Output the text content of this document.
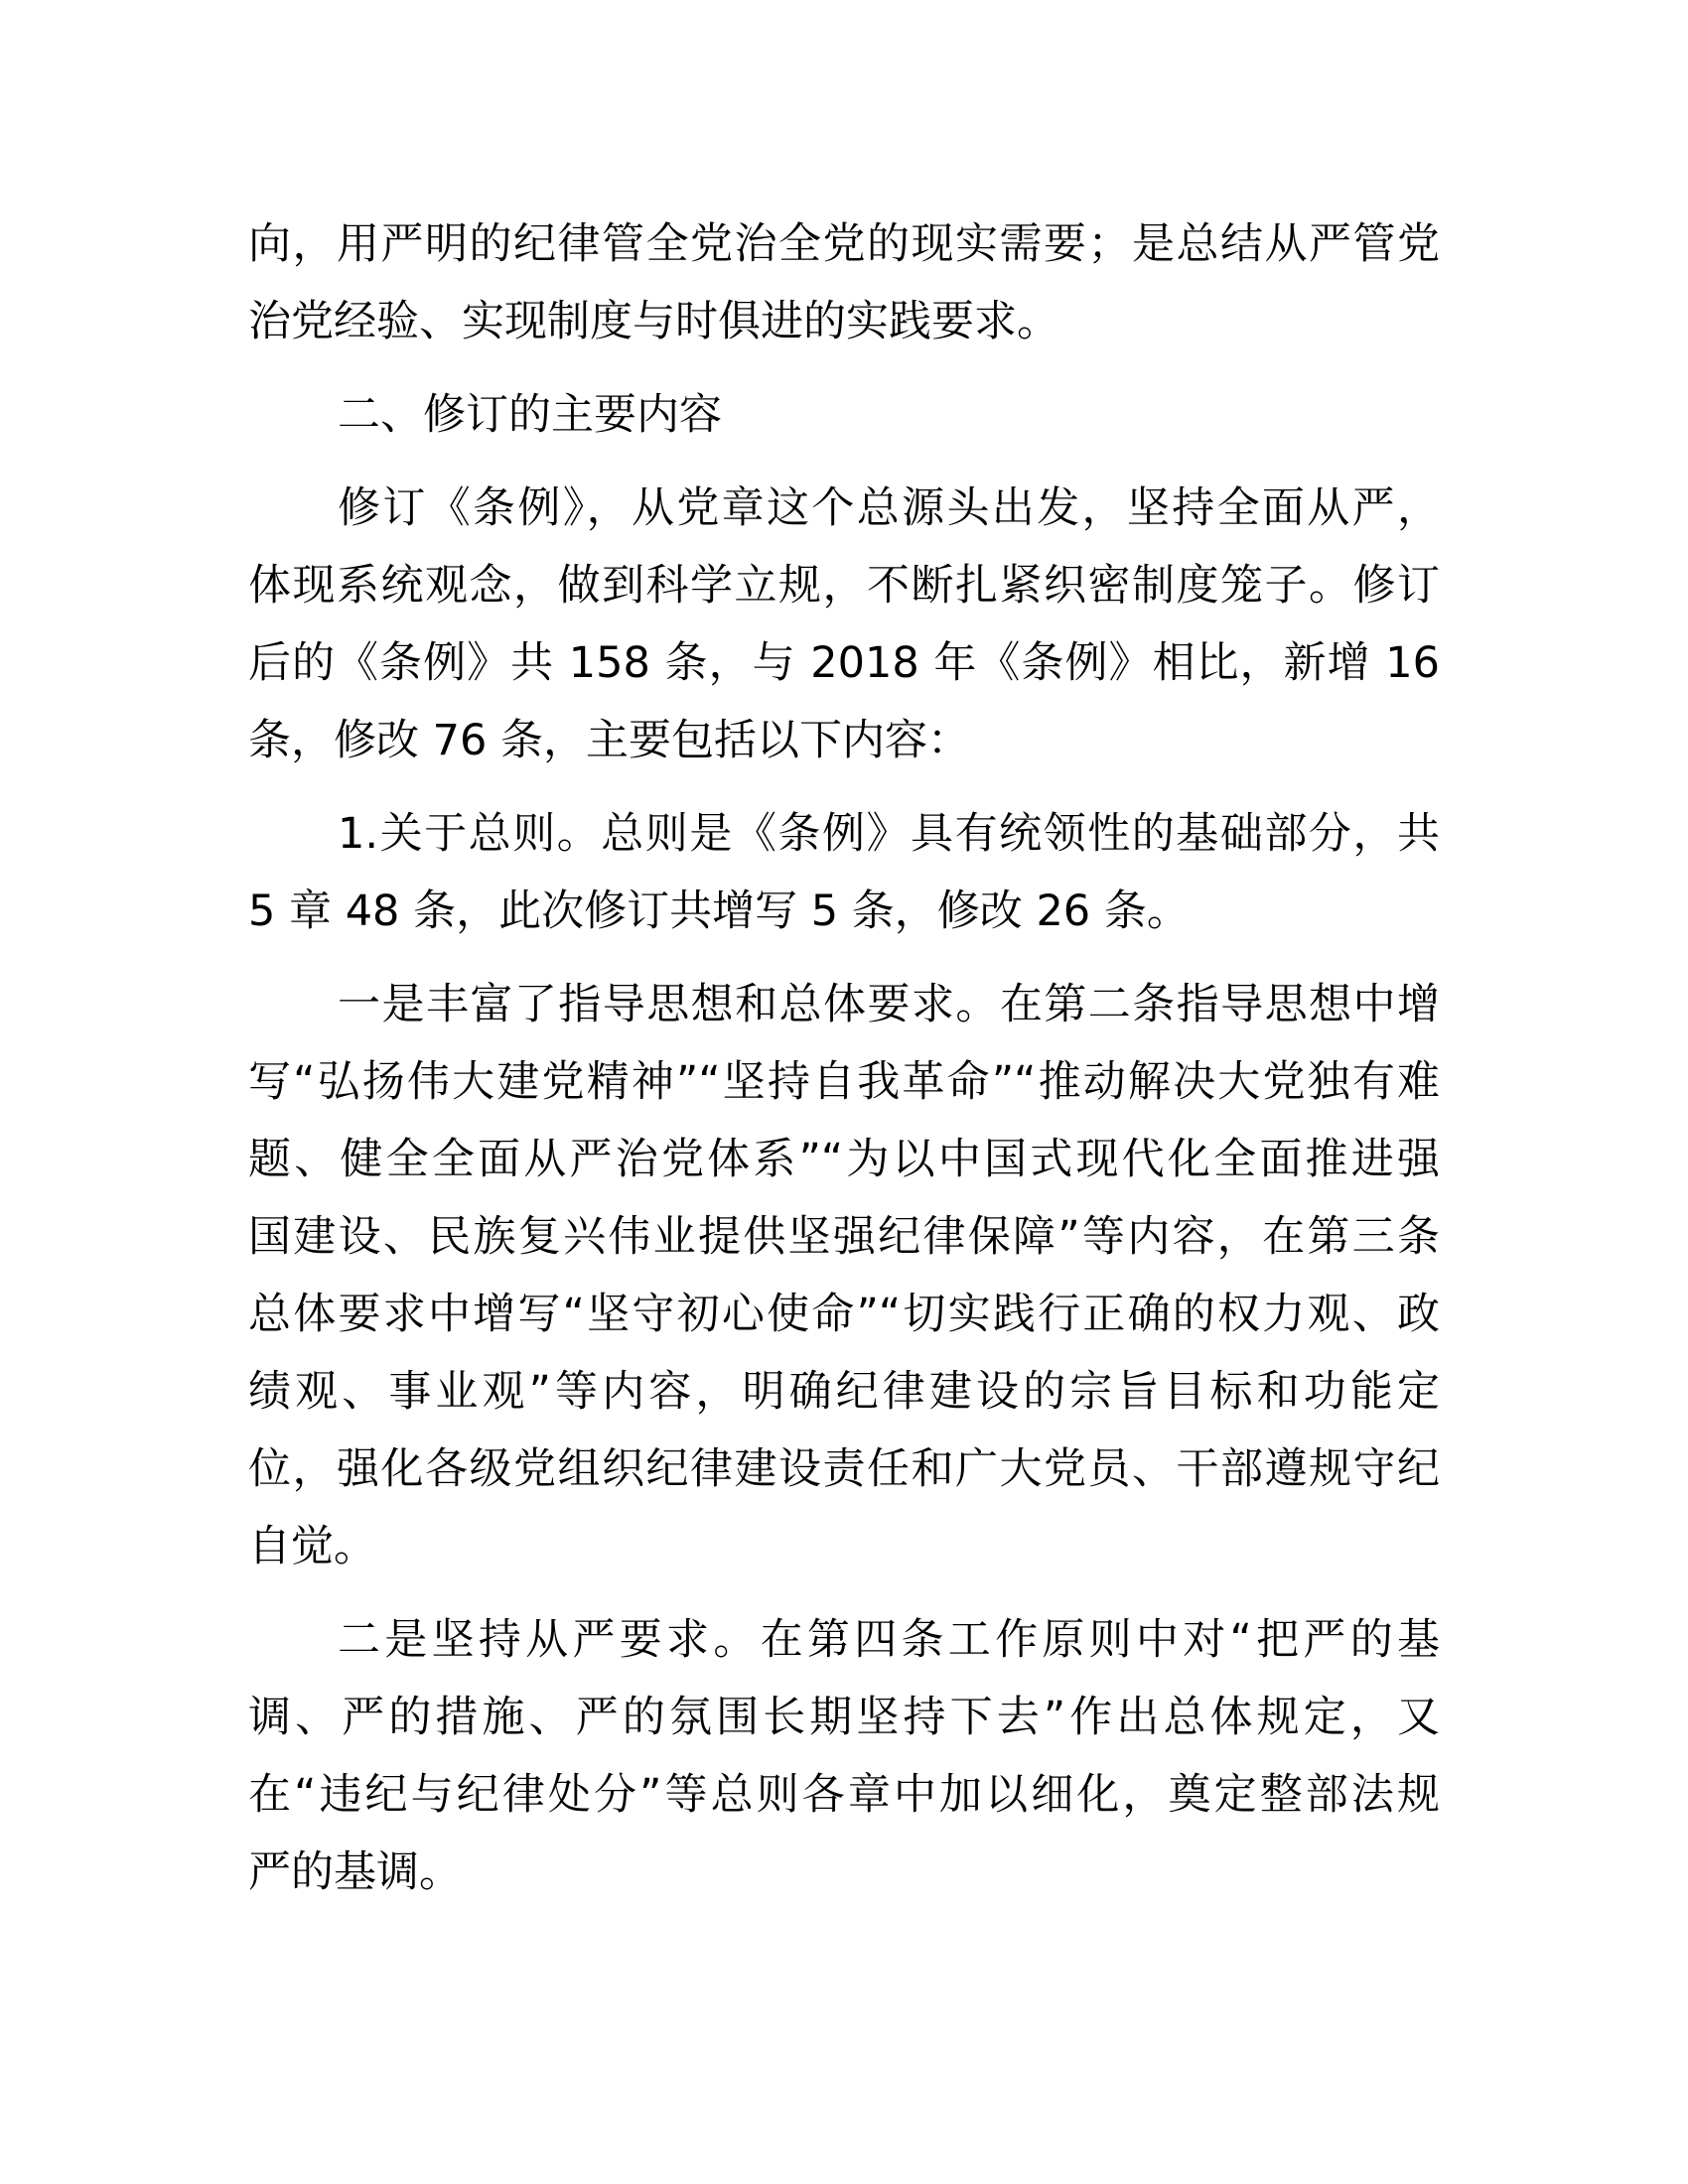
向，用严明的纪律管全党治全党的现实需要；是总结从严管党
治党经验、实现制度与时俱进的实践要求。

二、修订的主要内容

修订《条例》，从党章这个总源头出发，坚持全面从严，
体现系统观念，做到科学立规，不断扎紧织密制度笼子。修订
后的《条例》共 158 条，与 2018 年《条例》相比，新增 16
条，修改 76 条，主要包括以下内容：

1.关于总则。总则是《条例》具有统领性的基础部分，共
5 章 48 条，此次修订共增写 5 条，修改 26 条。

一是丰富了指导思想和总体要求。在第二条指导思想中增
写“弘扬伟大建党精神”“坚持自我革命”“推动解决大党独有难
题、健全全面从严治党体系”“为以中国式现代化全面推进强
国建设、民族复兴伟业提供坚强纪律保障”等内容，在第三条
总体要求中增写“坚守初心使命”“切实践行正确的权力观、政
绩观、事业观”等内容，明确纪律建设的宗旨目标和功能定
位，强化各级党组织纪律建设责任和广大党员、干部遵规守纪
自觉。

二是坚持从严要求。在第四条工作原则中对“把严的基
调、严的措施、严的氛围长期坚持下去”作出总体规定，又
在“违纪与纪律处分”等总则各章中加以细化，奠定整部法规
严的基调。
